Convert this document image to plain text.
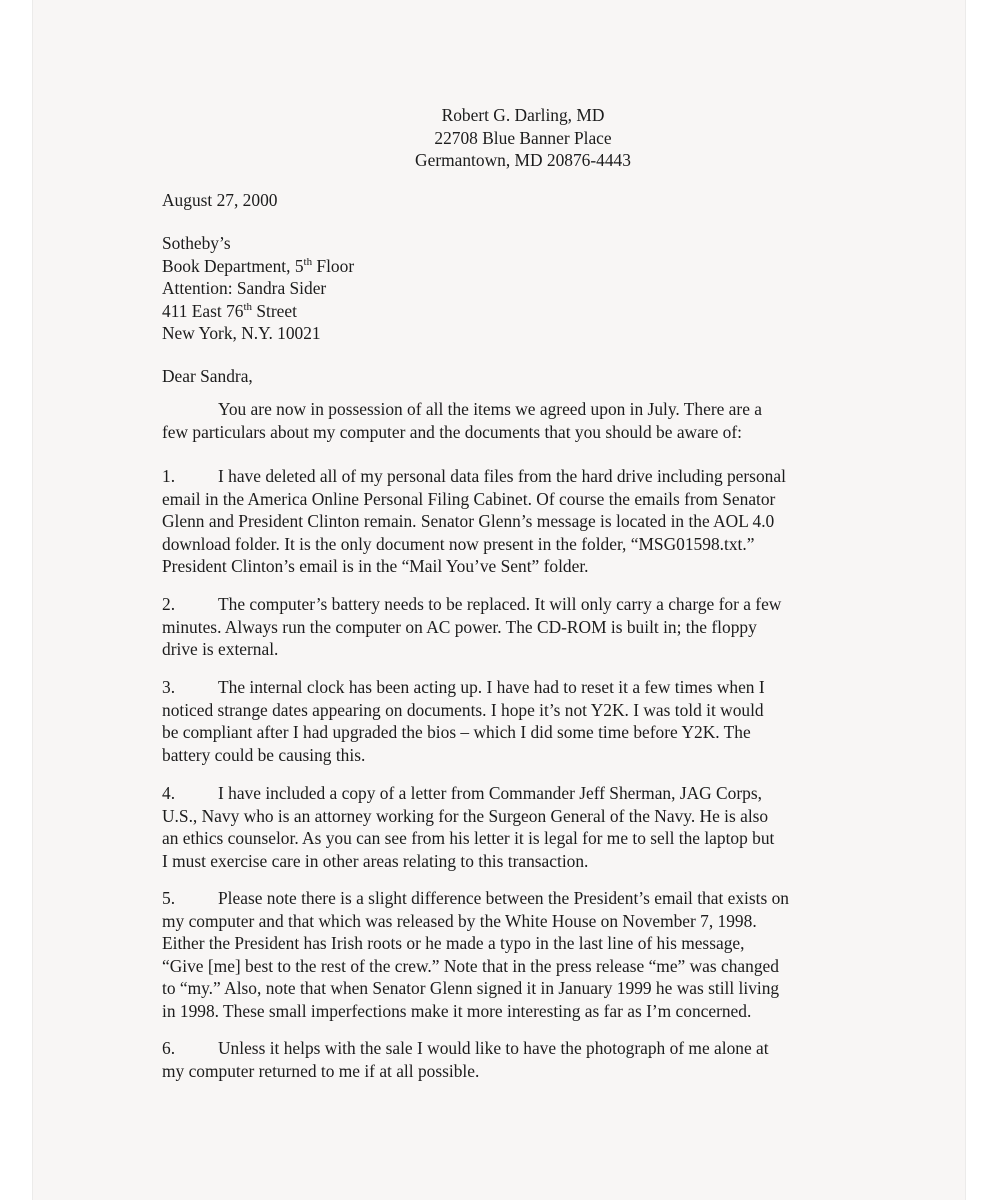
Robert G. Darling, MD
22708 Blue Banner Place
Germantown, MD 20876-4443
August 27, 2000
Sotheby’s
Book Department, 5th Floor
Attention: Sandra Sider
411 East 76th Street
New York, N.Y. 10021
Dear Sandra,
You are now in possession of all the items we agreed upon in July. There are a
few particulars about my computer and the documents that you should be aware of:
1. I have deleted all of my personal data files from the hard drive including personal
email in the America Online Personal Filing Cabinet. Of course the emails from Senator
Glenn and President Clinton remain. Senator Glenn’s message is located in the AOL 4.0
download folder. It is the only document now present in the folder, “MSG01598.txt.”
President Clinton’s email is in the “Mail You’ve Sent” folder.
2. The computer’s battery needs to be replaced. It will only carry a charge for a few
minutes. Always run the computer on AC power. The CD-ROM is built in; the floppy
drive is external.
3. The internal clock has been acting up. I have had to reset it a few times when I
noticed strange dates appearing on documents. I hope it’s not Y2K. I was told it would
be compliant after I had upgraded the bios – which I did some time before Y2K. The
battery could be causing this.
4. I have included a copy of a letter from Commander Jeff Sherman, JAG Corps,
U.S., Navy who is an attorney working for the Surgeon General of the Navy. He is also
an ethics counselor. As you can see from his letter it is legal for me to sell the laptop but
I must exercise care in other areas relating to this transaction.
5. Please note there is a slight difference between the President’s email that exists on
my computer and that which was released by the White House on November 7, 1998.
Either the President has Irish roots or he made a typo in the last line of his message,
“Give [me] best to the rest of the crew.” Note that in the press release “me” was changed
to “my.” Also, note that when Senator Glenn signed it in January 1999 he was still living
in 1998. These small imperfections make it more interesting as far as I’m concerned.
6. Unless it helps with the sale I would like to have the photograph of me alone at
my computer returned to me if at all possible.
